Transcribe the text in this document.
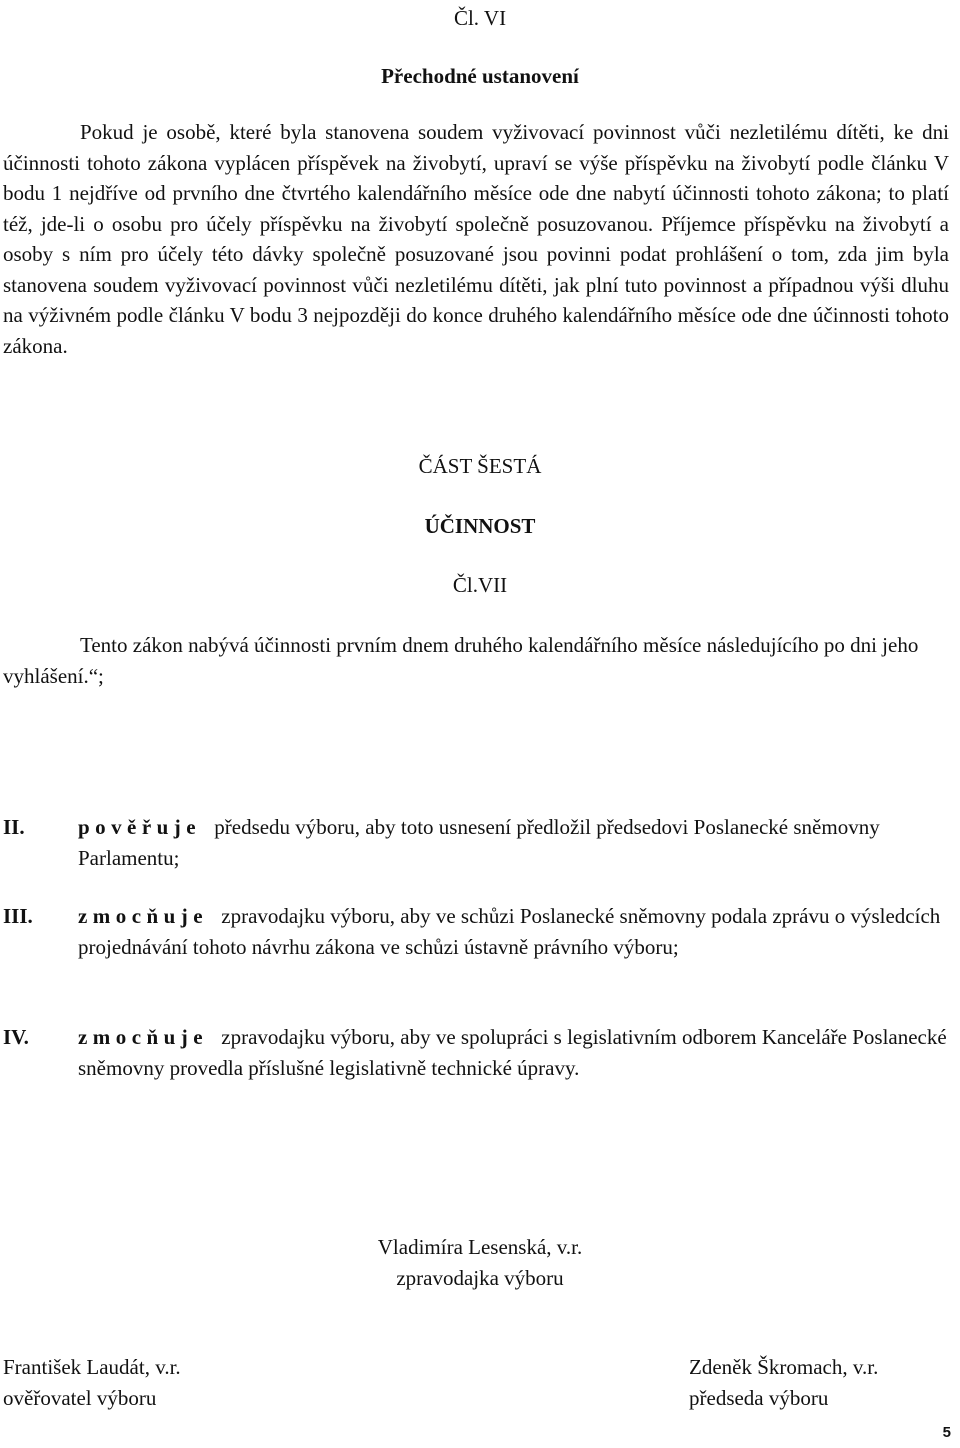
Čl. VI
Přechodné ustanovení

Pokud je osobě, které byla stanovena soudem vyživovací povinnost vůči nezletilému dítěti, ke dni účinnosti tohoto zákona vyplácen příspěvek na živobytí, upraví se výše příspěvku na živobytí podle článku V bodu 1 nejdříve od prvního dne čtvrtého kalendářního měsíce ode dne nabytí účinnosti tohoto zákona; to platí též, jde-li o osobu pro účely příspěvku na živobytí společně posuzovanou. Příjemce příspěvku na živobytí a osoby s ním pro účely této dávky společně posuzované jsou povinni podat prohlášení o tom, zda jim byla stanovena soudem vyživovací povinnost vůči nezletilému dítěti, jak plní tuto povinnost a případnou výši dluhu na výživném podle článku V bodu 3 nejpozději do konce druhého kalendářního měsíce ode dne účinnosti tohoto zákona.

ČÁST ŠESTÁ
ÚČINNOST
Čl.VII

Tento zákon nabývá účinnosti prvním dnem druhého kalendářního měsíce následujícího po dni jeho vyhlášení.“;

II.	pověřuje předsedu výboru, aby toto usnesení předložil předsedovi Poslanecké sněmovny Parlamentu;

III. zmocňuje zpravodajku výboru, aby ve schůzi Poslanecké sněmovny podala zprávu o výsledcích projednávání tohoto návrhu zákona ve schůzi ústavně právního výboru;

IV. zmocňuje zpravodajku výboru, aby ve spolupráci s legislativním odborem Kanceláře Poslanecké sněmovny provedla příslušné legislativně technické úpravy.

Vladimíra Lesenská, v.r.
zpravodajka výboru
František Laudát, v.r.
ověřovatel výboru
Zdeněk Škromach, v.r.
předseda výboru
5
